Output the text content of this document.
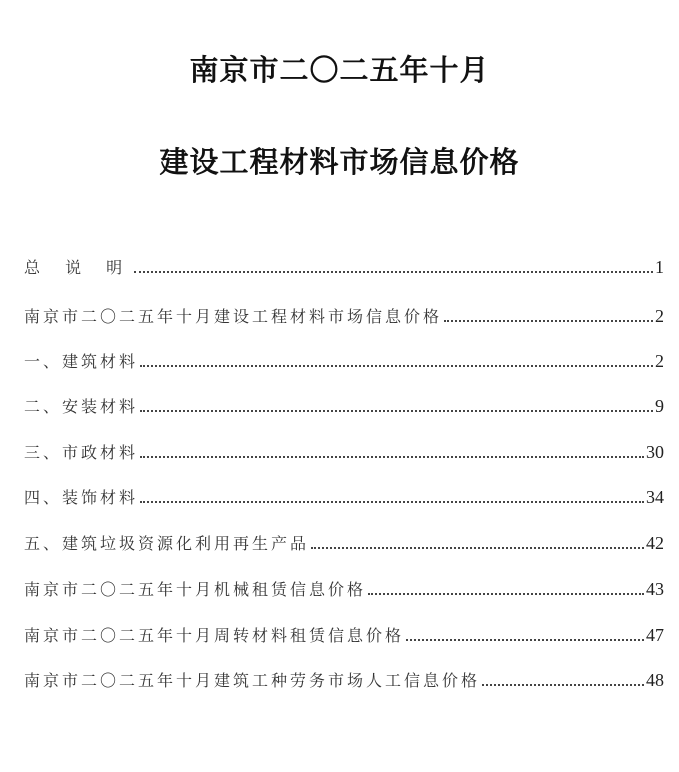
南京市二〇二五年十月
建设工程材料市场信息价格
总 说 明	1
南京市二〇二五年十月建设工程材料市场信息价格	2
一、建筑材料	2
二、安装材料	9
三、市政材料	30
四、装饰材料	34
五、建筑垃圾资源化利用再生产品	42
南京市二〇二五年十月机械租赁信息价格	43
南京市二〇二五年十月周转材料租赁信息价格	47
南京市二〇二五年十月建筑工种劳务市场人工信息价格	48
